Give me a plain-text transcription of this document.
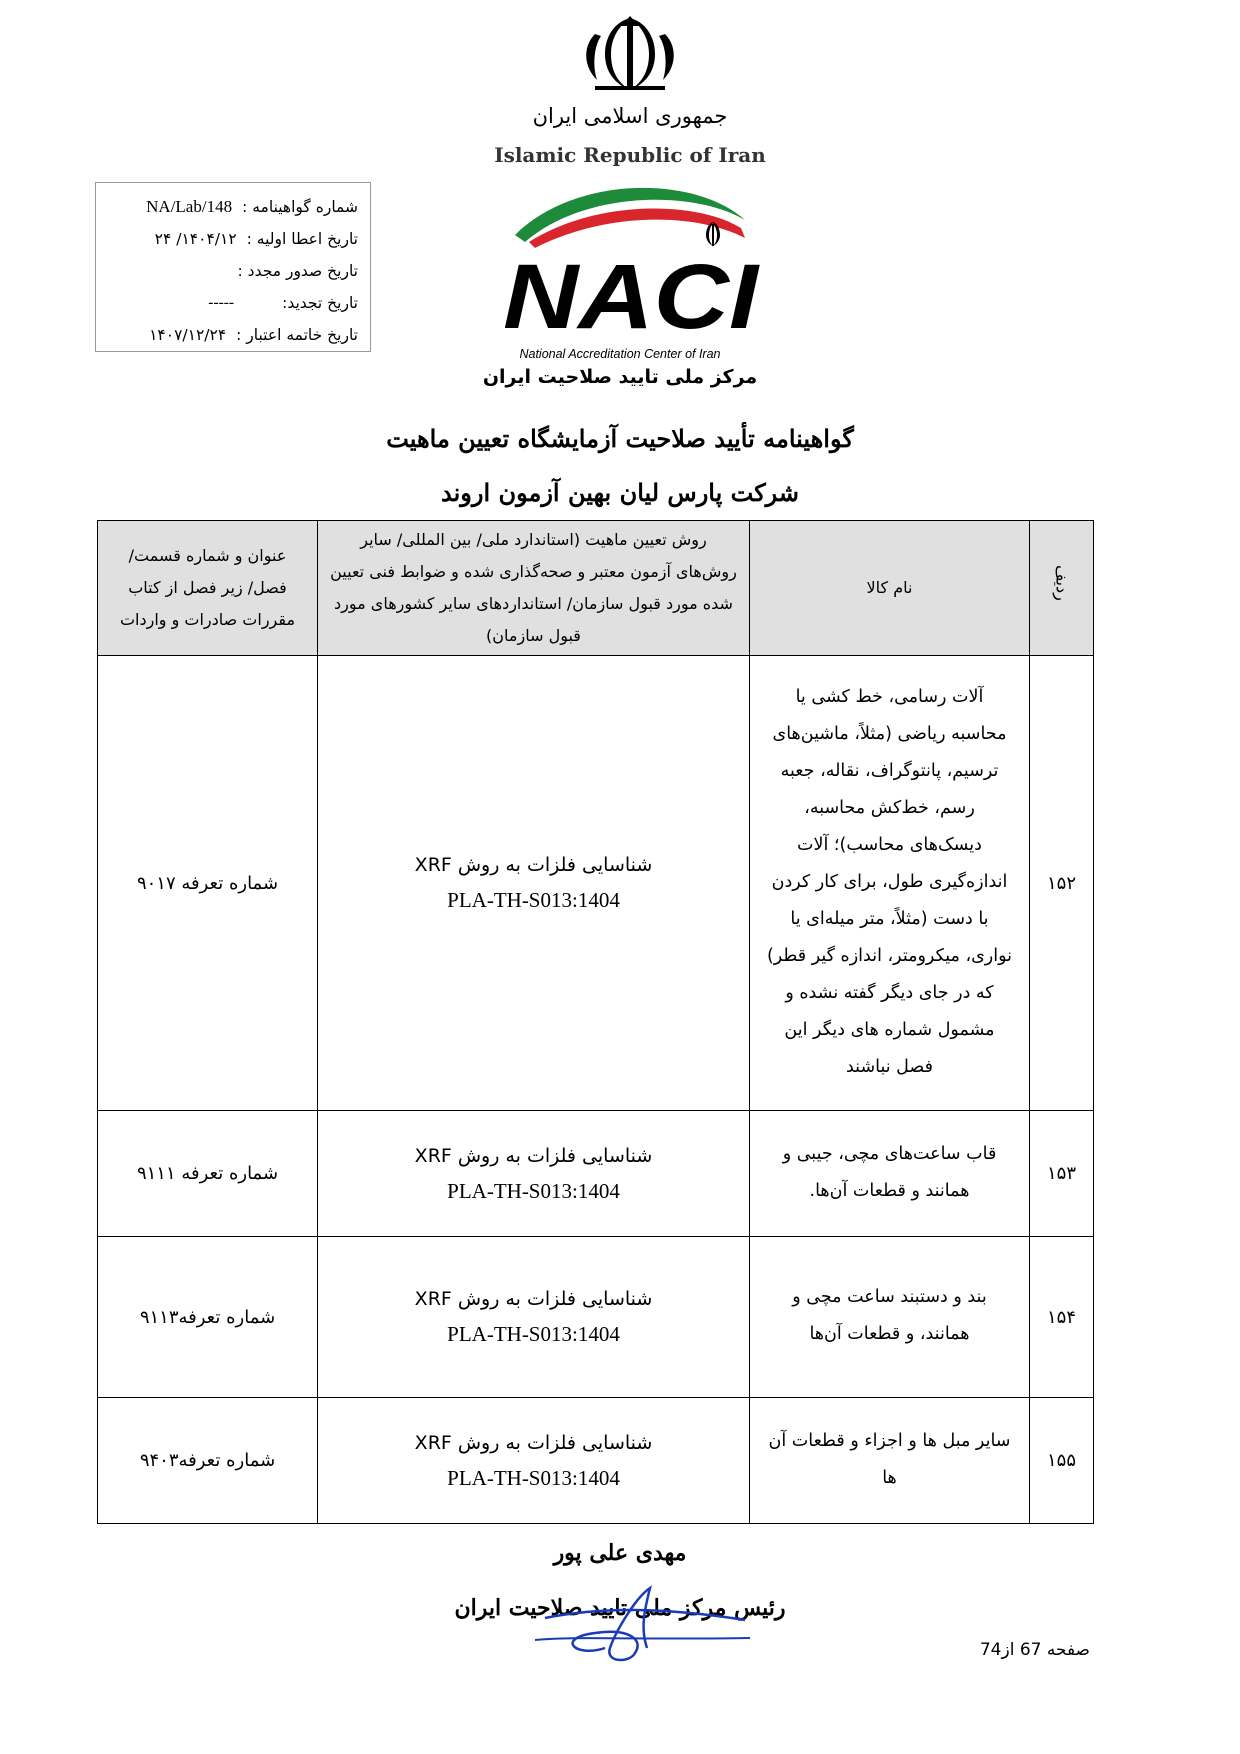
جمهوری اسلامی ایران
Islamic Republic of Iran
NACI
National Accreditation Center of Iran
مرکز ملی تایید صلاحیت ایران
شماره گواهینامه :
NA/Lab/148
تاریخ اعطا اولیه :
۱۴۰۴/۱۲/ ۲۴
تاریخ صدور مجدد :
تاریخ تجدید:
-----
تاریخ خاتمه اعتبار :
۱۴۰۷/۱۲/۲۴
گواهینامه تأیید صلاحیت آزمایشگاه تعیین ماهیت
شرکت پارس لیان بهین آزمون اروند
ردیف	نام کالا	روش تعیین ماهیت (استاندارد ملی/ بین المللی/ سایر روش‌های آزمون معتبر و صحه‌گذاری شده و ضوابط فنی تعیین شده مورد قبول سازمان/ استانداردهای سایر کشورهای مورد قبول سازمان)	عنوان و شماره قسمت/ فصل/ زیر فصل از کتاب مقررات صادرات و واردات
۱۵۲	آلات رسامی، خط کشی یا محاسبه ریاضی (مثلاً، ماشین‌های ترسیم، پانتوگراف، نقاله، جعبه رسم، خط‌کش محاسبه، دیسک‌های محاسب)؛ آلات اندازه‌گیری طول، برای کار کردن با دست (مثلاً، متر میله‌ای یا نواری، میکرومتر، اندازه گیر قطر) که در جای دیگر گفته نشده و مشمول شماره های دیگر این فصل نباشند	شناسایی فلزات به روش XRF
PLA-TH-S013:1404	شماره تعرفه ۹۰۱۷
۱۵۳	قاب ساعت‌های مچی، جیبی و همانند و قطعات آن‌ها.	شناسایی فلزات به روش XRF
PLA-TH-S013:1404	شماره تعرفه ۹۱۱۱
۱۵۴	بند و دستبند ساعت مچی و همانند، و قطعات آن‌ها	شناسایی فلزات به روش XRF
PLA-TH-S013:1404	شماره تعرفه۹۱۱۳
۱۵۵	سایر مبل ها و اجزاء و قطعات آن ها	شناسایی فلزات به روش XRF
PLA-TH-S013:1404	شماره تعرفه۹۴۰۳
مهدی علی پور
رئیس مرکز ملی تایید صلاحیت ایران
صفحه 67 از74
